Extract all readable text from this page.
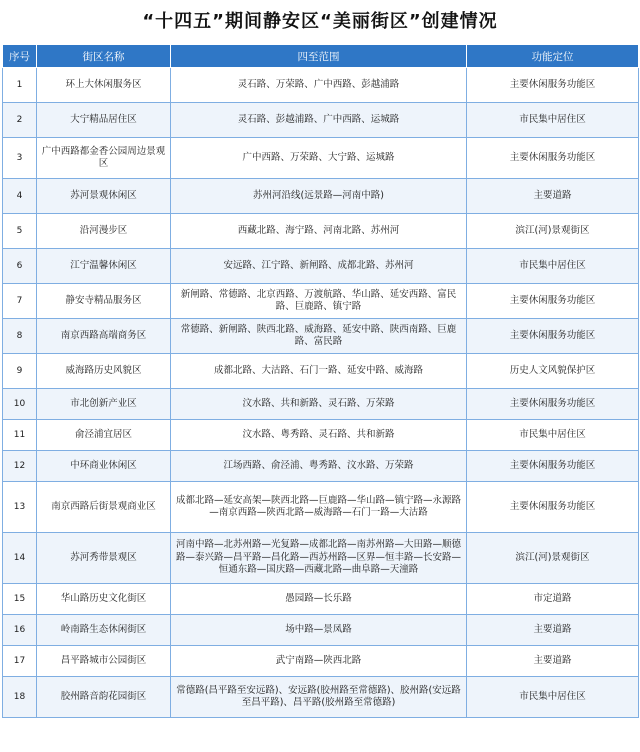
“十四五”期间静安区“美丽街区”创建情况
序号	街区名称	四至范围	功能定位
1	环上大休闲服务区	灵石路、万荣路、广中西路、彭越浦路	主要休闲服务功能区
2	大宁精品居住区	灵石路、彭越浦路、广中西路、运城路	市民集中居住区
3	广中西路都金香公园周边景观区	广中西路、万荣路、大宁路、运城路	主要休闲服务功能区
4	苏河景观休闲区	苏州河沿线(远景路—河南中路)	主要道路
5	沿河漫步区	西藏北路、海宁路、河南北路、苏州河	滨江(河)景观街区
6	江宁温馨休闲区	安远路、江宁路、新闸路、成都北路、苏州河	市民集中居住区
7	静安寺精品服务区	新闸路、常德路、北京西路、万渡航路、华山路、延安西路、富民路、巨鹿路、镇宁路	主要休闲服务功能区
8	南京西路高端商务区	常德路、新闸路、陕西北路、威海路、延安中路、陕西南路、巨鹿路、富民路	主要休闲服务功能区
9	威海路历史风貌区	成都北路、大沽路、石门一路、延安中路、威海路	历史人文风貌保护区
10	市北创新产业区	汶水路、共和新路、灵石路、万荣路	主要休闲服务功能区
11	俞泾浦宜居区	汶水路、粤秀路、灵石路、共和新路	市民集中居住区
12	中环商业休闲区	江场西路、俞泾浦、粤秀路、汶水路、万荣路	主要休闲服务功能区
13	南京西路后街景观商业区	成都北路—延安高架—陕西北路—巨鹿路—华山路—镇宁路—永源路—南京西路—陕西北路—威海路—石门一路—大沽路	主要休闲服务功能区
14	苏河秀带景观区	河南中路—北苏州路—光复路—成都北路—南苏州路—大田路—顺德路—泰兴路—昌平路—昌化路—西苏州路—区界—恒丰路—长安路—恒通东路—国庆路—西藏北路—曲阜路—天潼路	滨江(河)景观街区
15	华山路历史文化街区	愚园路—长乐路	市定道路
16	岭南路生态休闲街区	场中路—景凤路	主要道路
17	昌平路城市公园街区	武宁南路—陕西北路	主要道路
18	胶州路音韵花园街区	常德路(昌平路至安远路)、安远路(胶州路至常德路)、胶州路(安远路至昌平路)、昌平路(胶州路至常德路)	市民集中居住区
